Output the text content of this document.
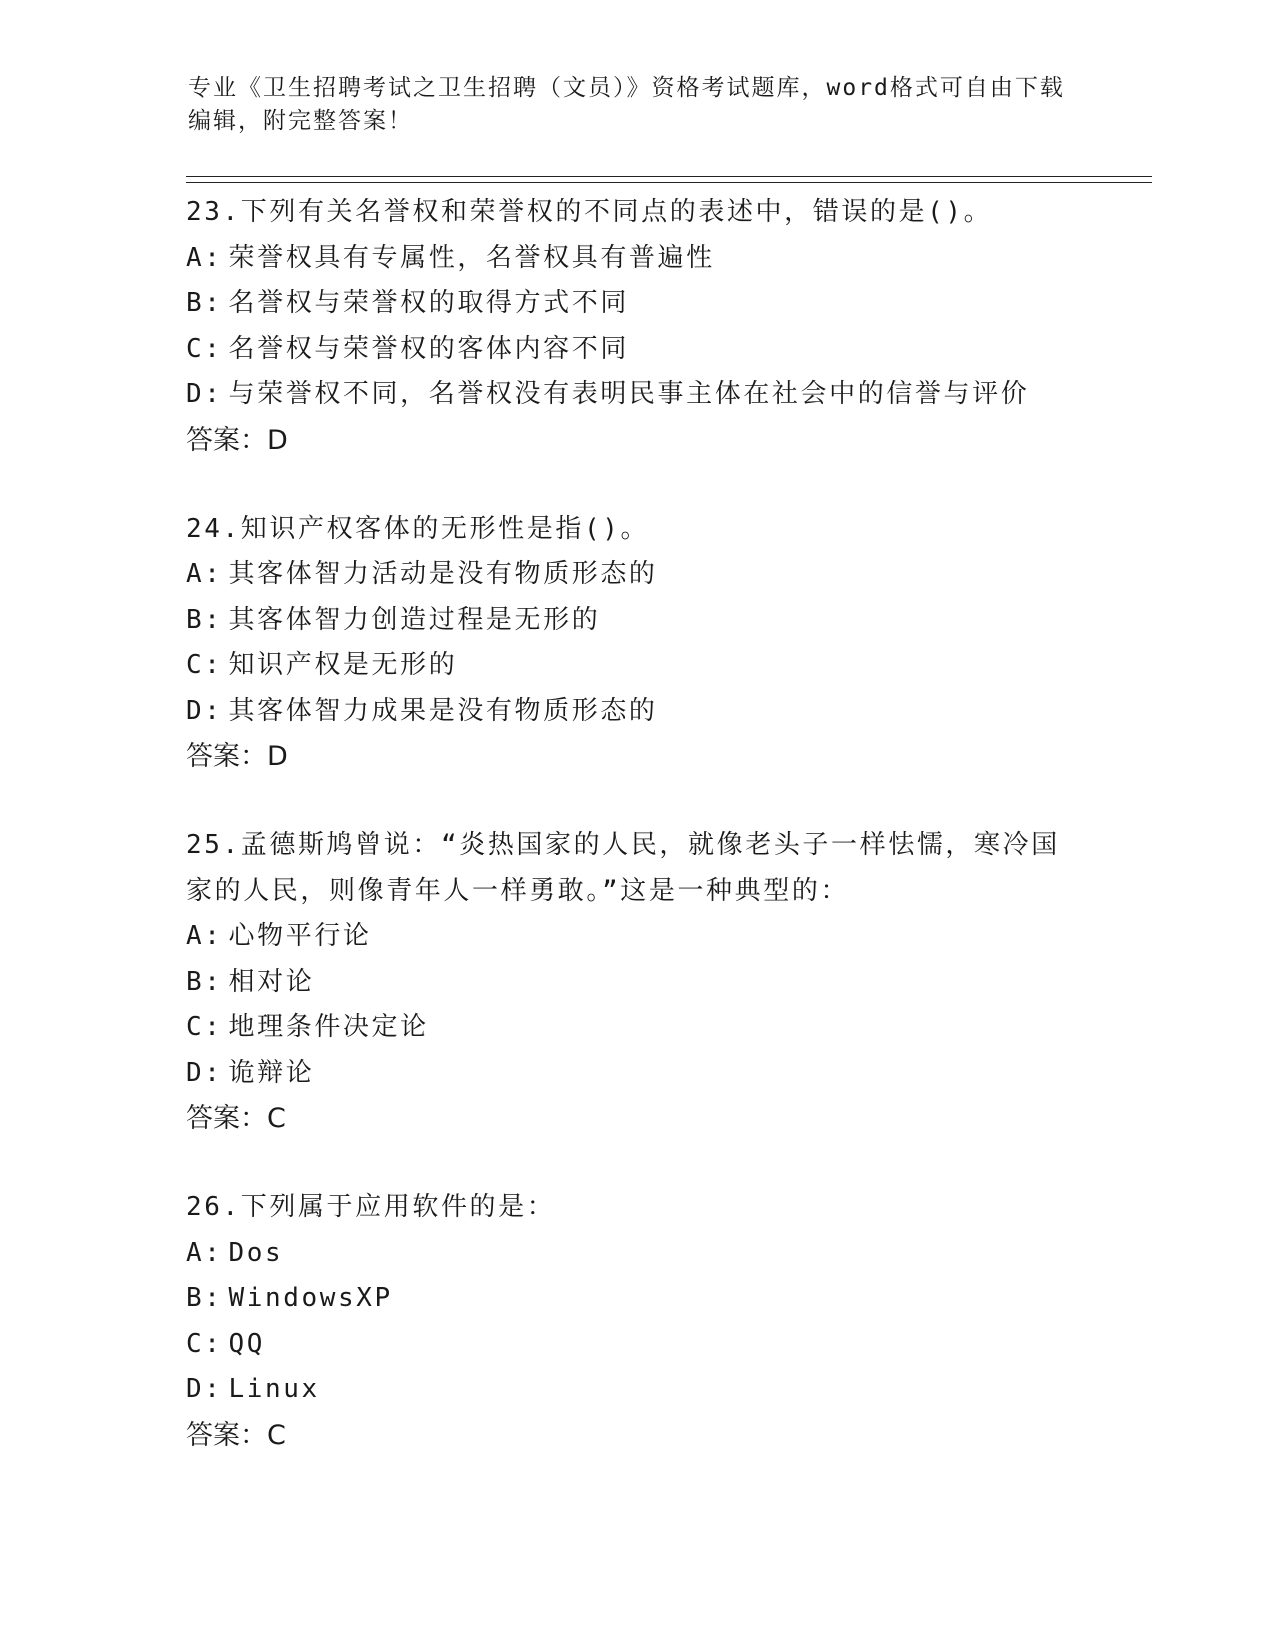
专业《卫生招聘考试之卫生招聘（文员）》资格考试题库，word格式可自由下载
编辑，附完整答案！
23.下列有关名誉权和荣誉权的不同点的表述中，错误的是()。
A: 荣誉权具有专属性，名誉权具有普遍性
B: 名誉权与荣誉权的取得方式不同
C: 名誉权与荣誉权的客体内容不同
D: 与荣誉权不同，名誉权没有表明民事主体在社会中的信誉与评价
答案：D
24.知识产权客体的无形性是指()。
A: 其客体智力活动是没有物质形态的
B: 其客体智力创造过程是无形的
C: 知识产权是无形的
D: 其客体智力成果是没有物质形态的
答案：D
25.孟德斯鸠曾说：“炎热国家的人民，就像老头子一样怯懦，寒冷国
家的人民，则像青年人一样勇敢。”这是一种典型的：
A: 心物平行论
B: 相对论
C: 地理条件决定论
D: 诡辩论
答案：C
26.下列属于应用软件的是：
A: Dos
B: WindowsXP
C: QQ
D: Linux
答案：C
